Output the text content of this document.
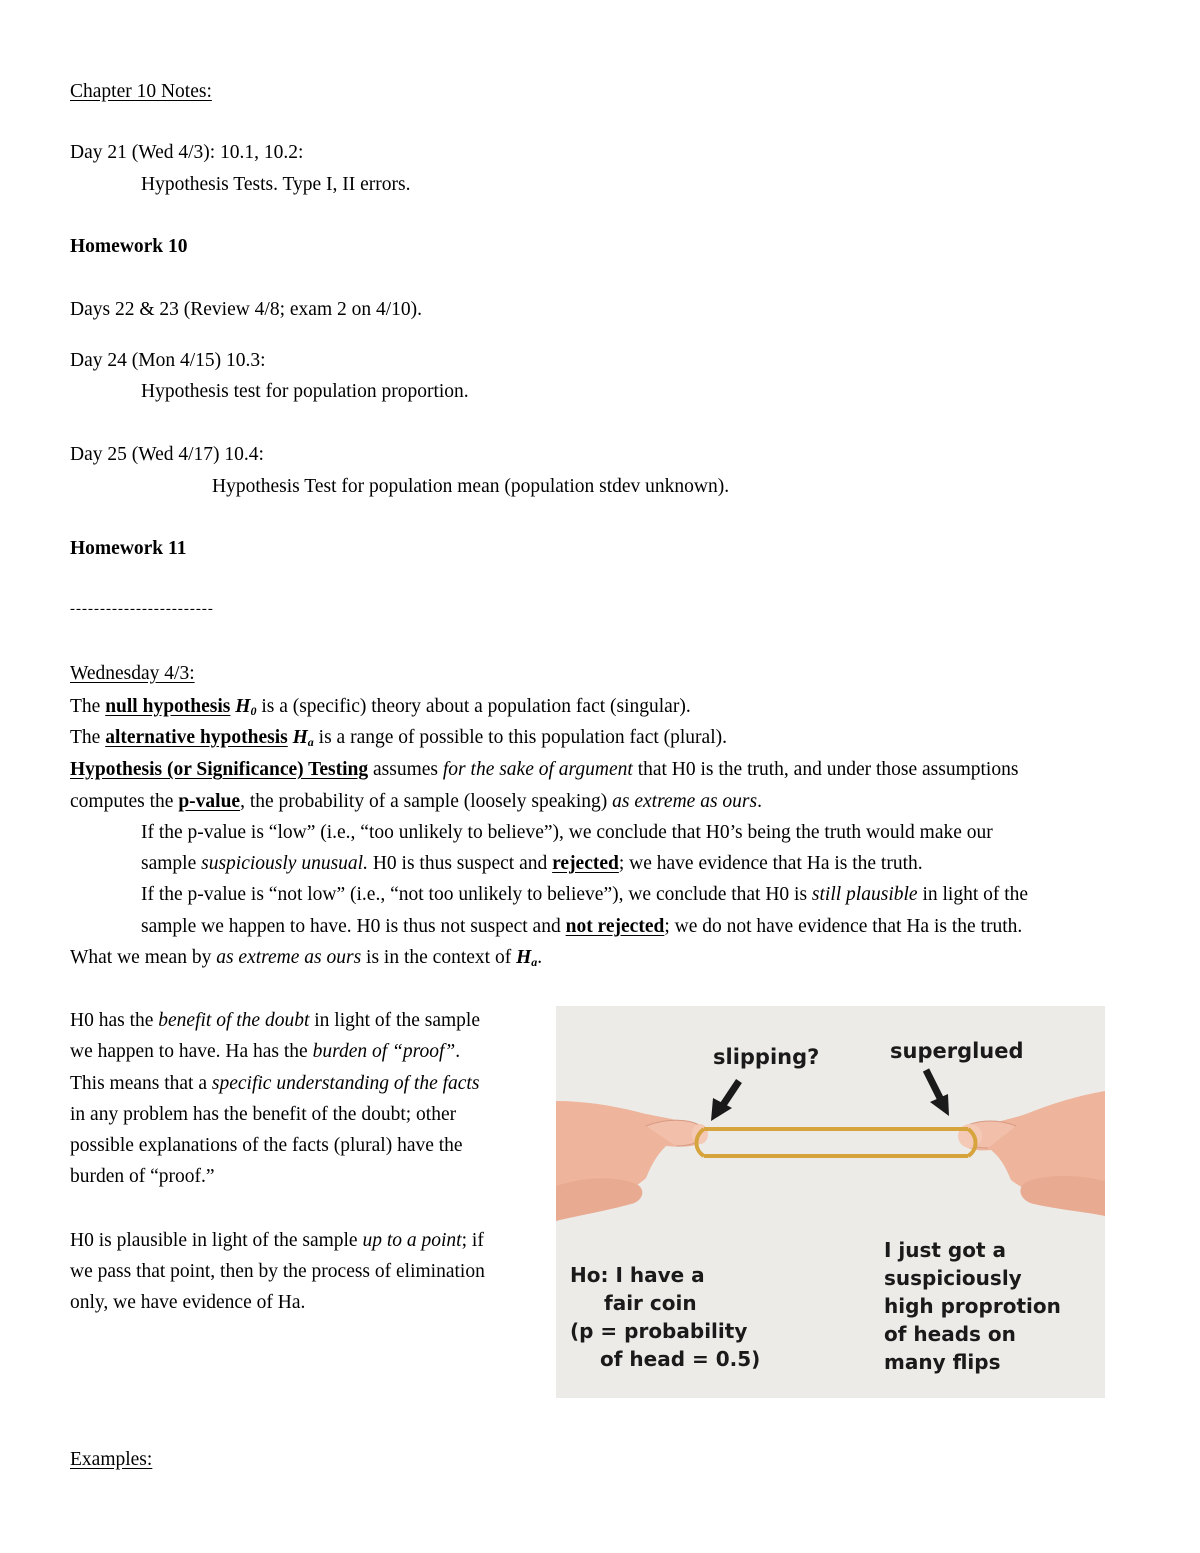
Chapter 10 Notes:
Day 21 (Wed 4/3): 10.1, 10.2:
Hypothesis Tests. Type I, II errors.
Homework 10
Days 22 & 23 (Review 4/8; exam 2 on 4/10).
Day 24 (Mon 4/15) 10.3:
Hypothesis test for population proportion.
Day 25 (Wed 4/17) 10.4:
Hypothesis Test for population mean (population stdev unknown).
Homework 11
------------------------
Wednesday 4/3:
The null hypothesis $H_0$ is a (specific) theory about a population fact (singular).
The alternative hypothesis $H_a$ is a range of possible to this population fact (plural).
Hypothesis (or Significance) Testing assumes for the sake of argument that H0 is the truth, and under those assumptions
computes the p-value, the probability of a sample (loosely speaking) as extreme as ours.
If the p-value is “low” (i.e., “too unlikely to believe”), we conclude that H0’s being the truth would make our
sample suspiciously unusual. H0 is thus suspect and rejected; we have evidence that Ha is the truth.
If the p-value is “not low” (i.e., “not too unlikely to believe”), we conclude that H0 is still plausible in light of the
sample we happen to have. H0 is thus not suspect and not rejected; we do not have evidence that Ha is the truth.
What we mean by as extreme as ours is in the context of $H_a$.
H0 has the benefit of the doubt in light of the sample
we happen to have. Ha has the burden of “proof”.
This means that a specific understanding of the facts
in any problem has the benefit of the doubt; other
possible explanations of the facts (plural) have the
burden of “proof.”
H0 is plausible in light of the sample up to a point; if
we pass that point, then by the process of elimination
only, we have evidence of Ha.
slipping?	superglued
Ho: I have a
fair coin
(p = probability
of head = 0.5)
I just got a
suspiciously
high proprotion
of heads on
many flips
Examples:
